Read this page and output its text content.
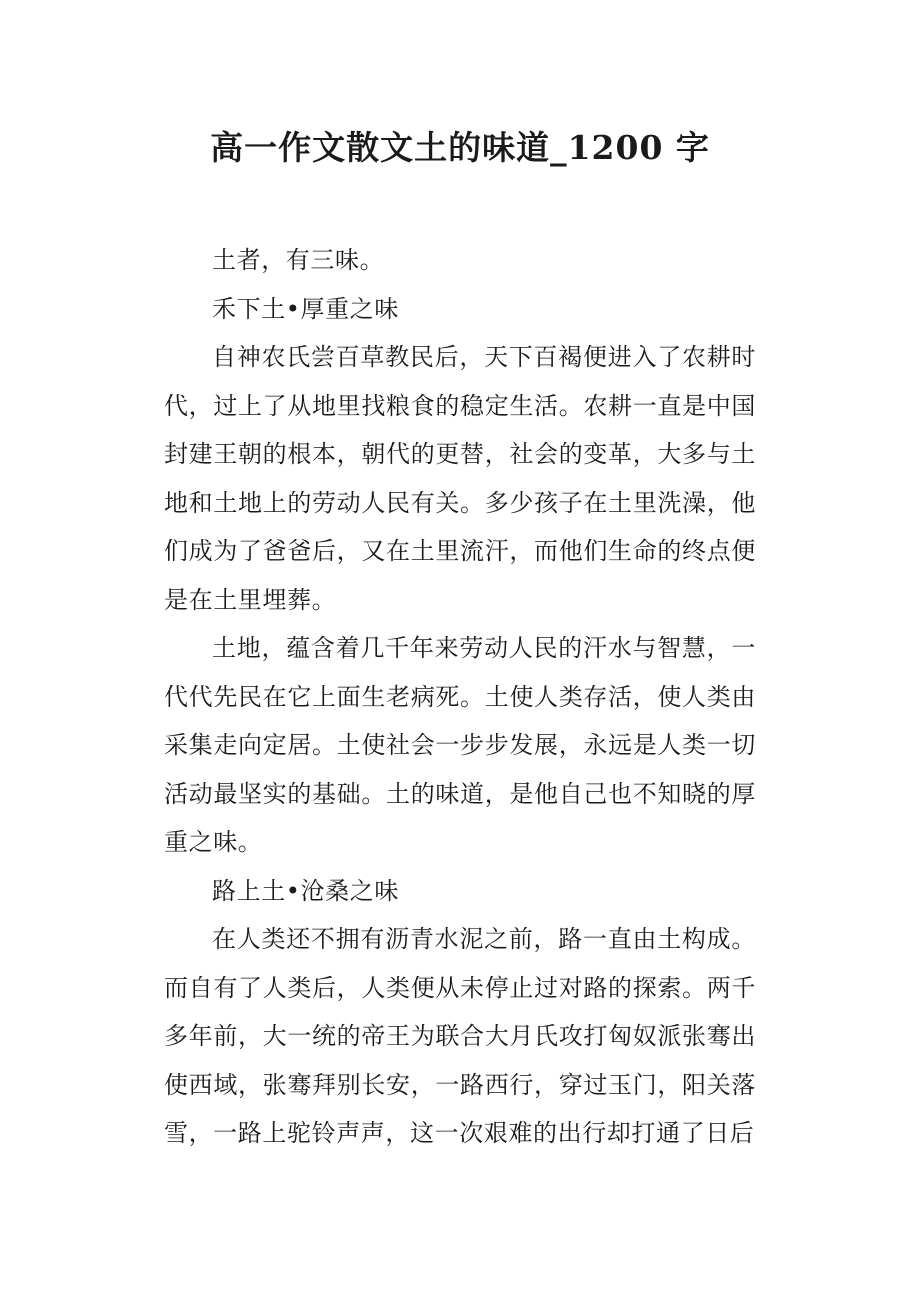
高一作文散文土的味道_1200 字

土者，有三味。

禾下土•厚重之味

自神农氏尝百草教民后，天下百褐便进入了农耕时代，过上了从地里找粮食的稳定生活。农耕一直是中国封建王朝的根本，朝代的更替，社会的变革，大多与土地和土地上的劳动人民有关。多少孩子在土里洗澡，他们成为了爸爸后，又在土里流汗，而他们生命的终点便是在土里埋葬。

土地，蕴含着几千年来劳动人民的汗水与智慧，一代代先民在它上面生老病死。土使人类存活，使人类由采集走向定居。土使社会一步步发展，永远是人类一切活动最坚实的基础。土的味道，是他自己也不知晓的厚重之味。

路上土•沧桑之味

在人类还不拥有沥青水泥之前，路一直由土构成。而自有了人类后，人类便从未停止过对路的探索。两千多年前，大一统的帝王为联合大月氏攻打匈奴派张骞出使西域，张骞拜别长安，一路西行，穿过玉门，阳关落雪，一路上驼铃声声，这一次艰难的出行却打通了日后
